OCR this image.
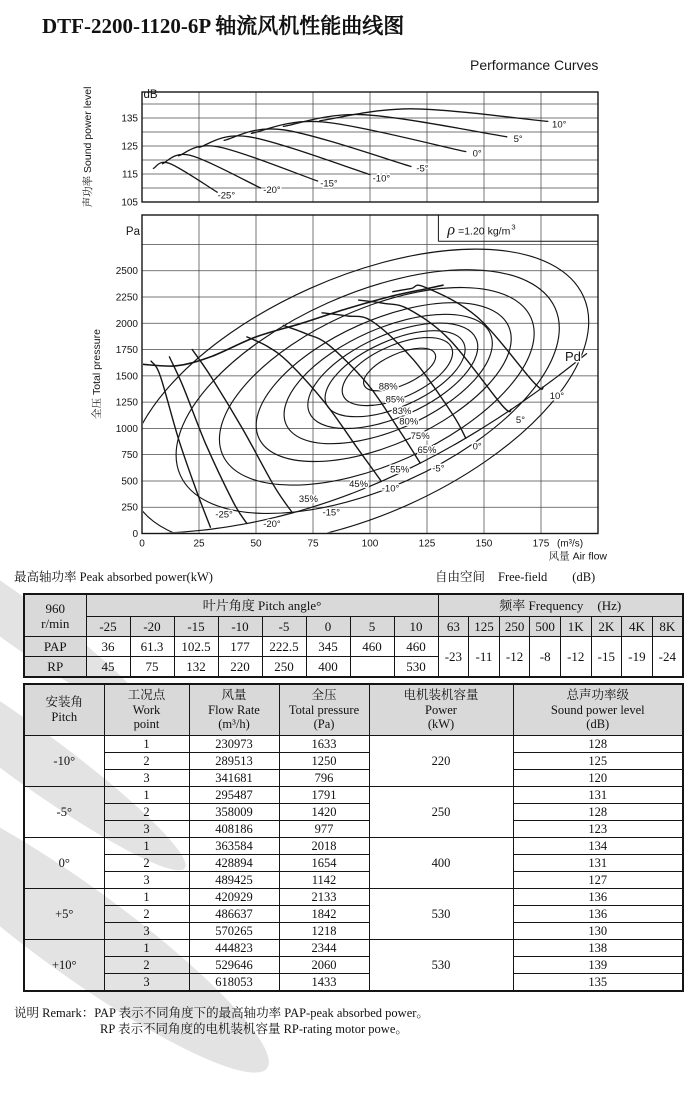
DTF-2200-1120-6P 轴流风机性能曲线图
Performance Curves
105
115
125
135
dB
声功率 Sound power level	-25°	-20°
-15°	-10°
-5°
0°
5°
10°
-25°
-20°
-15°
-10°
-5°
0°
5°
10°
35%
45%
55%
65%
75%
80%
83%
85%
88%
Pd
ρ =1.20 $kg/m^3$
0
250
500
750
1000
1250
1500
1750
2000
2250
2500
Pa
全压 Total pressure
0	25	50	75	100	125	150	175 (m³/s)
风量 Air flow
最高轴功率 Peak absorbed power(kW)	自由空间 Free-field (dB)
960
r/min	叶片角度 Pitch angle°								频率 Frequency (Hz)							
	-25	-20	-15	-10	-5	0	5	10	63	125	250	500	1K	2K	4K	8K
PAP	36	61.3	102.5	177	222.5	345	460	460	-23	-11	-12	-8	-12	-15	-19	-24
RP	45	75	132	220	250	400		530								
安装角
Pitch

工况点
Work
point

风量
Flow Rate
(m³/h)

全压
Total pressure
(Pa)

电机装机容量
Power
(kW)

总声功率级
Sound power level
(dB)

-10°	1	230973	1633	220	128
	2	289513	1250		125
	3	341681	796		120
-5°	1	295487	1791	250	131
	2	358009	1420		128
	3	408186	977		123
0°	1	363584	2018	400	134
	2	428894	1654		131
	3	489425	1142		127
+5°	1	420929	2133	530	136
	2	486637	1842		136
	3	570265	1218		130
+10°	1	444823	2344	530	138
	2	529646	2060		139
	3	618053	1433		135
说明 Remark：PAP 表示不同角度下的最高轴功率 PAP-peak absorbed power。
RP 表示不同角度的电机装机容量 RP-rating motor powe。
